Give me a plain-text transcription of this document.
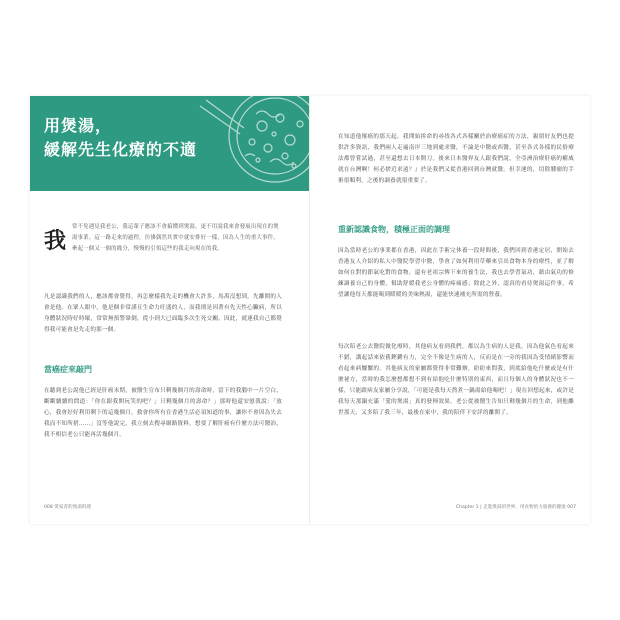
用煲湯，
緩解先生化療的不適
我
常不免遇見我老公，我這輩子應該不會搞懂到煲湯，更不用說我來會發展出現在的煲湯事業。這一路走來的過程，彷彿偶然其實中就安排好一樣，因為人生的重大事件，牽起一個又一個的緣分，慢慢的引領這些的我走向現在的我。
凡是認識我們的人，應該都會覺得，再怎麼樣我先走的機會大許多，馬禹沒想到，先離開的人會是他。在眾人眼中，他是個非常謹且生命力旺盛的人，而我則是因著有先天性心臟病，所以身體狀況時好時壞，常常無預警暈倒，從小到大已面臨多次生死交關。因此，就連我自己都覺得我可能會是先走的那一個。
當癌症來敲門
在聽到老公說他已經是肝癌末期，被醫生宣布只剩幾個月的壽命時，當下的我腦中一片空白，斷斷續續的問道：「你在跟我開玩笑的吧？」只剩幾個月的壽命？」那時他還安慰我說：「放心，我會好好利用剩下的這幾個月，救會你所有在香港生活必須知道的事，讓你不會因為失去我而不知所措……」沒等他說完，我立刻去搜尋網路資料，想要了解肝癌有什麼方法可醫治，我不相信老公只能再活幾個月。
008 愛家者的煲湯料理
在知道他罹癌的那天起，我開始拚命的尋找各式各樣關於治療癌症的方法，親朋好友們也提供許多資訊，我們兩人走遍南岸三地到處求醫，不論是中醫或西醫，甚至各式各樣的民俗療法都曾嘗試過，甚至還想去日本開刀。後來日本醫界友人跟我們說，全亞洲治療肝癌的權威就在台灣啊！何必捨近求遠？』於是我們又從香港回到台灣就醫。但幸運的，切除腫瘤的手術很順利，之後的調養就很重要了。
重新認識食物，積極正面的調理
因為當時老公的事業都在香港，因此在手術完休養一段時間後，我們回到香港定居，開始去香港友人介紹的私人中醫院學習中醫，學會了如何利用草藥來引出食物本身的療性，並了解如何在對的節氣吃對的食物，還有老祖宗傳下來的養生法，我也去學習氣功，藉由氣功的修練調養自己的身體，幫助舒緩我老公身體的疼痛感；除此之外，認真的看待煲湯這件事，希望讓他每天都能喝到暖暖的美味熱湯，還能快速補充所需的營養。
每次陪老公去醫院做化療時，其他病友看到我們，都以為生病的人是我，因為他氣色看起來不錯，講起話來依舊鏗鏘有力，完全不像是生病的人，反而是在一旁的我因為受情緒影響而看起來病懨懨的。其他病友的家屬都覺得非常難辦，紛紛來問我，到底給他吃什麼或是有什麼祕方，當時的我怎麼想都想不到有給他吃什麼特別的東西，而且每個人的身體狀況也不一樣，只能跟病友家屬分享說，「可能是我每天熬煮一鍋湯給他喝吧！」現在回想起來，或許是我每天那鍋充滿「愛的煲湯」真的發揮效果，老公從被醫生告知只剩幾個月的生命，到他離世那天，又多陪了我三年，最後在家中，我的陪伴下安詳的離開了。
Chapter 1 | 走進煲湯的世界，用食物的力量養的健康 007
